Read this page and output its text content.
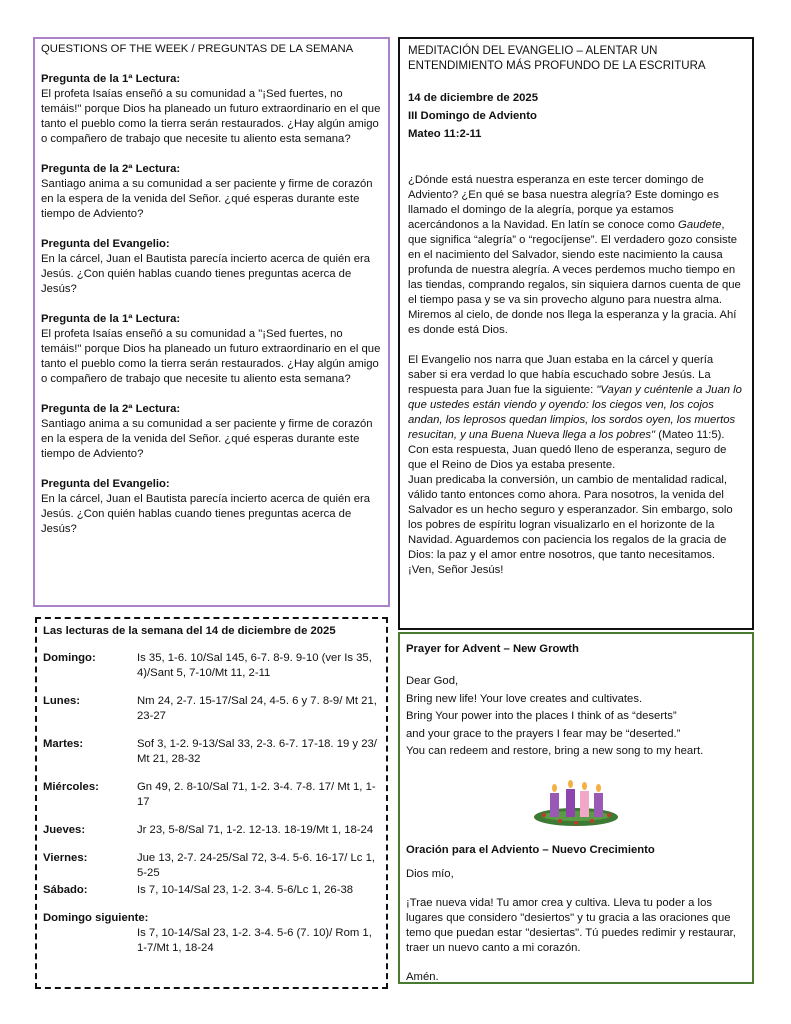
QUESTIONS OF THE WEEK / PREGUNTAS DE LA SEMANA

Pregunta de la 1ª Lectura:

El profeta Isaías enseñó a su comunidad a "¡Sed fuertes, no temáis!" porque Dios ha planeado un futuro extraordinario en el que tanto el pueblo como la tierra serán restaurados. ¿Hay algún amigo o compañero de trabajo que necesite tu aliento esta semana?

Pregunta de la 2ª Lectura:

Santiago anima a su comunidad a ser paciente y firme de corazón en la espera de la venida del Señor. ¿qué esperas durante este tiempo de Adviento?

Pregunta del Evangelio:

En la cárcel, Juan el Bautista parecía incierto acerca de quién era Jesús. ¿Con quién hablas cuando tienes preguntas acerca de Jesús?

Pregunta de la 1ª Lectura:

El profeta Isaías enseñó a su comunidad a "¡Sed fuertes, no temáis!" porque Dios ha planeado un futuro extraordinario en el que tanto el pueblo como la tierra serán restaurados. ¿Hay algún amigo o compañero de trabajo que necesite tu aliento esta semana?

Pregunta de la 2ª Lectura:

Santiago anima a su comunidad a ser paciente y firme de corazón en la espera de la venida del Señor. ¿qué esperas durante este tiempo de Adviento?

Pregunta del Evangelio:

En la cárcel, Juan el Bautista parecía incierto acerca de quién era Jesús. ¿Con quién hablas cuando tienes preguntas acerca de Jesús?

MEDITACIÓN DEL EVANGELIO – ALENTAR UN ENTENDIMIENTO MÁS PROFUNDO DE LA ESCRITURA

14 de diciembre de 2025

III Domingo de Adviento

Mateo 11:2-11

¿Dónde está nuestra esperanza en este tercer domingo de Adviento? ¿En qué se basa nuestra alegría? Este domingo es llamado el domingo de la alegría, porque ya estamos acercándonos a la Navidad. En latín se conoce como Gaudete, que significa “alegría” o “regocíjense”. El verdadero gozo consiste en el nacimiento del Salvador, siendo este nacimiento la causa profunda de nuestra alegría. A veces perdemos mucho tiempo en las tiendas, comprando regalos, sin siquiera darnos cuenta de que el tiempo pasa y se va sin provecho alguno para nuestra alma. Miremos al cielo, de donde nos llega la esperanza y la gracia. Ahí es donde está Dios.

El Evangelio nos narra que Juan estaba en la cárcel y quería saber si era verdad lo que había escuchado sobre Jesús. La respuesta para Juan fue la siguiente: "Vayan y cuéntenle a Juan lo que ustedes están viendo y oyendo: los ciegos ven, los cojos andan, los leprosos quedan limpios, los sordos oyen, los muertos resucitan, y una Buena Nueva llega a los pobres" (Mateo 11:5). Con esta respuesta, Juan quedó lleno de esperanza, seguro de que el Reino de Dios ya estaba presente.

Juan predicaba la conversión, un cambio de mentalidad radical, válido tanto entonces como ahora. Para nosotros, la venida del Salvador es un hecho seguro y esperanzador. Sin embargo, solo los pobres de espíritu logran visualizarlo en el horizonte de la Navidad. Aguardemos con paciencia los regalos de la gracia de Dios: la paz y el amor entre nosotros, que tanto necesitamos. ¡Ven, Señor Jesús!

Las lecturas de la semana del 14 de diciembre de 2025

Domingo:	Is 35, 1-6. 10/Sal 145, 6-7. 8-9. 9-10 (ver Is 35, 4)/Sant 5, 7-10/Mt 11, 2-11
Lunes:	Nm 24, 2-7. 15-17/Sal 24, 4-5. 6 y 7. 8-9/ Mt 21, 23-27
Martes:	Sof 3, 1-2. 9-13/Sal 33, 2-3. 6-7. 17-18. 19 y 23/ Mt 21, 28-32
Miércoles:	Gn 49, 2. 8-10/Sal 71, 1-2. 3-4. 7-8. 17/ Mt 1, 1-17
Jueves:	Jr 23, 5-8/Sal 71, 1-2. 12-13. 18-19/Mt 1, 18-24
Viernes:	Jue 13, 2-7. 24-25/Sal 72, 3-4. 5-6. 16-17/ Lc 1, 5-25
Sábado:	Is 7, 10-14/Sal 23, 1-2. 3-4. 5-6/Lc 1, 26-38

Domingo siguiente:

Is 7, 10-14/Sal 23, 1-2. 3-4. 5-6 (7. 10)/ Rom 1, 1-7/Mt 1, 18-24

Prayer for Advent – New Growth

Dear God,

Bring new life! Your love creates and cultivates.

Bring Your power into the places I think of as “deserts”

and your grace to the prayers I fear may be “deserted.”

You can redeem and restore, bring a new song to my heart.

Oración para el Adviento – Nuevo Crecimiento

Dios mío,

¡Trae nueva vida! Tu amor crea y cultiva. Lleva tu poder a los lugares que considero "desiertos" y tu gracia a las oraciones que temo que puedan estar "desiertas". Tú puedes redimir y restaurar, traer un nuevo canto a mi corazón.

Amén.
